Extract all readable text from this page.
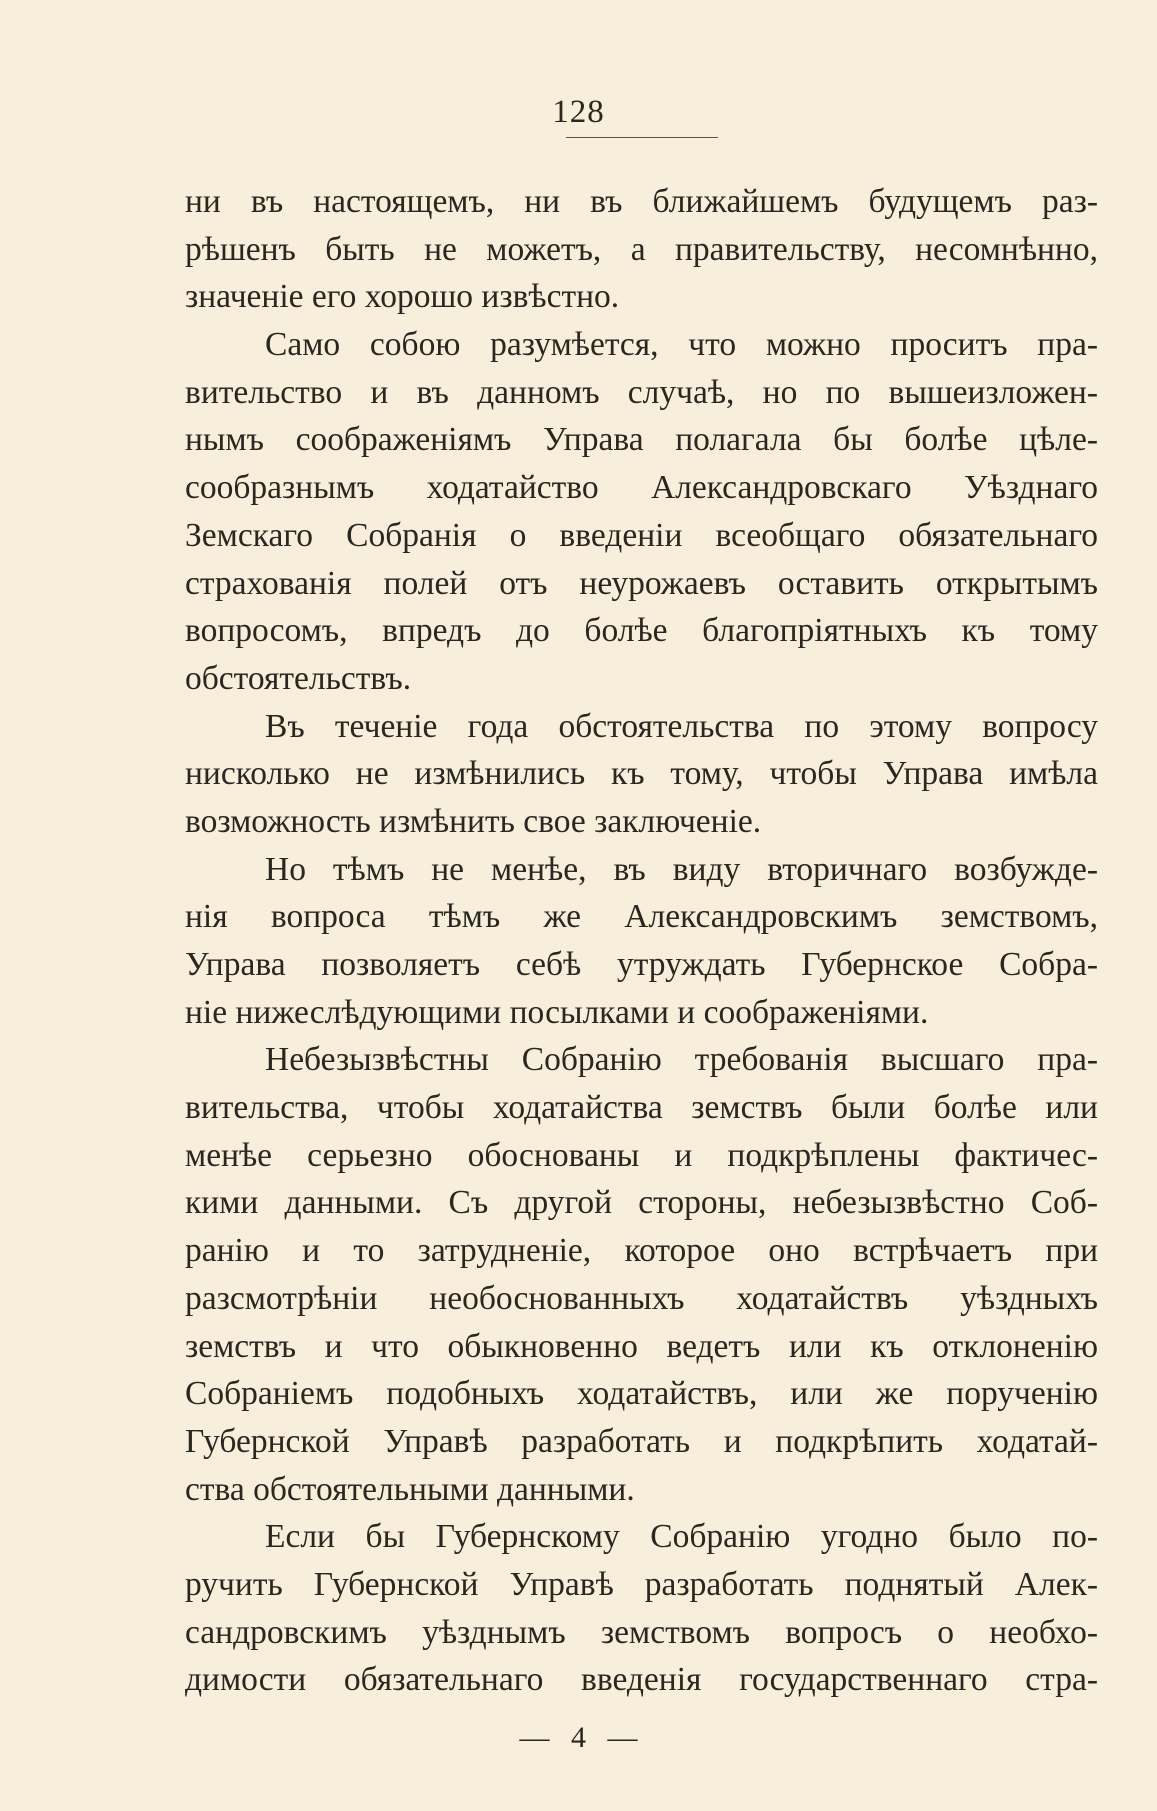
128
ни въ настоящемъ, ни въ ближайшемъ будущемъ раз-
рѣшенъ быть не можетъ, а правительству, несомнѣнно,
значеніе его хорошо извѣстно.
Само собою разумѣется, что можно проситъ пра-
вительство и въ данномъ случаѣ, но по вышеизложен-
нымъ соображеніямъ Управа полагала бы болѣе цѣле-
сообразнымъ ходатайство Александровскаго Уѣзднаго
Земскаго Собранія о введеніи всеобщаго обязательнаго
страхованія полей отъ неурожаевъ оставить открытымъ
вопросомъ, впредъ до болѣе благопріятныхъ къ тому
обстоятельствъ.
Въ теченіе года обстоятельства по этому вопросу
нисколько не измѣнились къ тому, чтобы Управа имѣла
возможность измѣнить свое заключеніе.
Но тѣмъ не менѣе, въ виду вторичнаго возбужде-
нія вопроса тѣмъ же Александровскимъ земствомъ,
Управа позволяетъ себѣ утруждать Губернское Собра-
ніе нижеслѣдующими посылками и соображеніями.
Небезызвѣстны Собранію требованія высшаго пра-
вительства, чтобы ходатайства земствъ были болѣе или
менѣе серьезно обоснованы и подкрѣплены фактичес-
кими данными. Съ другой стороны, небезызвѣстно Соб-
ранію и то затрудненіе, которое оно встрѣчаетъ при
разсмотрѣніи необоснованныхъ ходатайствъ уѣздныхъ
земствъ и что обыкновенно ведетъ или къ отклоненію
Собраніемъ подобныхъ ходатайствъ, или же порученію
Губернской Управѣ разработать и подкрѣпить ходатай-
ства обстоятельными данными.
Если бы Губернскому Собранію угодно было по-
ручить Губернской Управѣ разработать поднятый Алек-
сандровскимъ уѣзднымъ земствомъ вопросъ о необхо-
димости обязательнаго введенія государственнаго стра-
— 4 —
